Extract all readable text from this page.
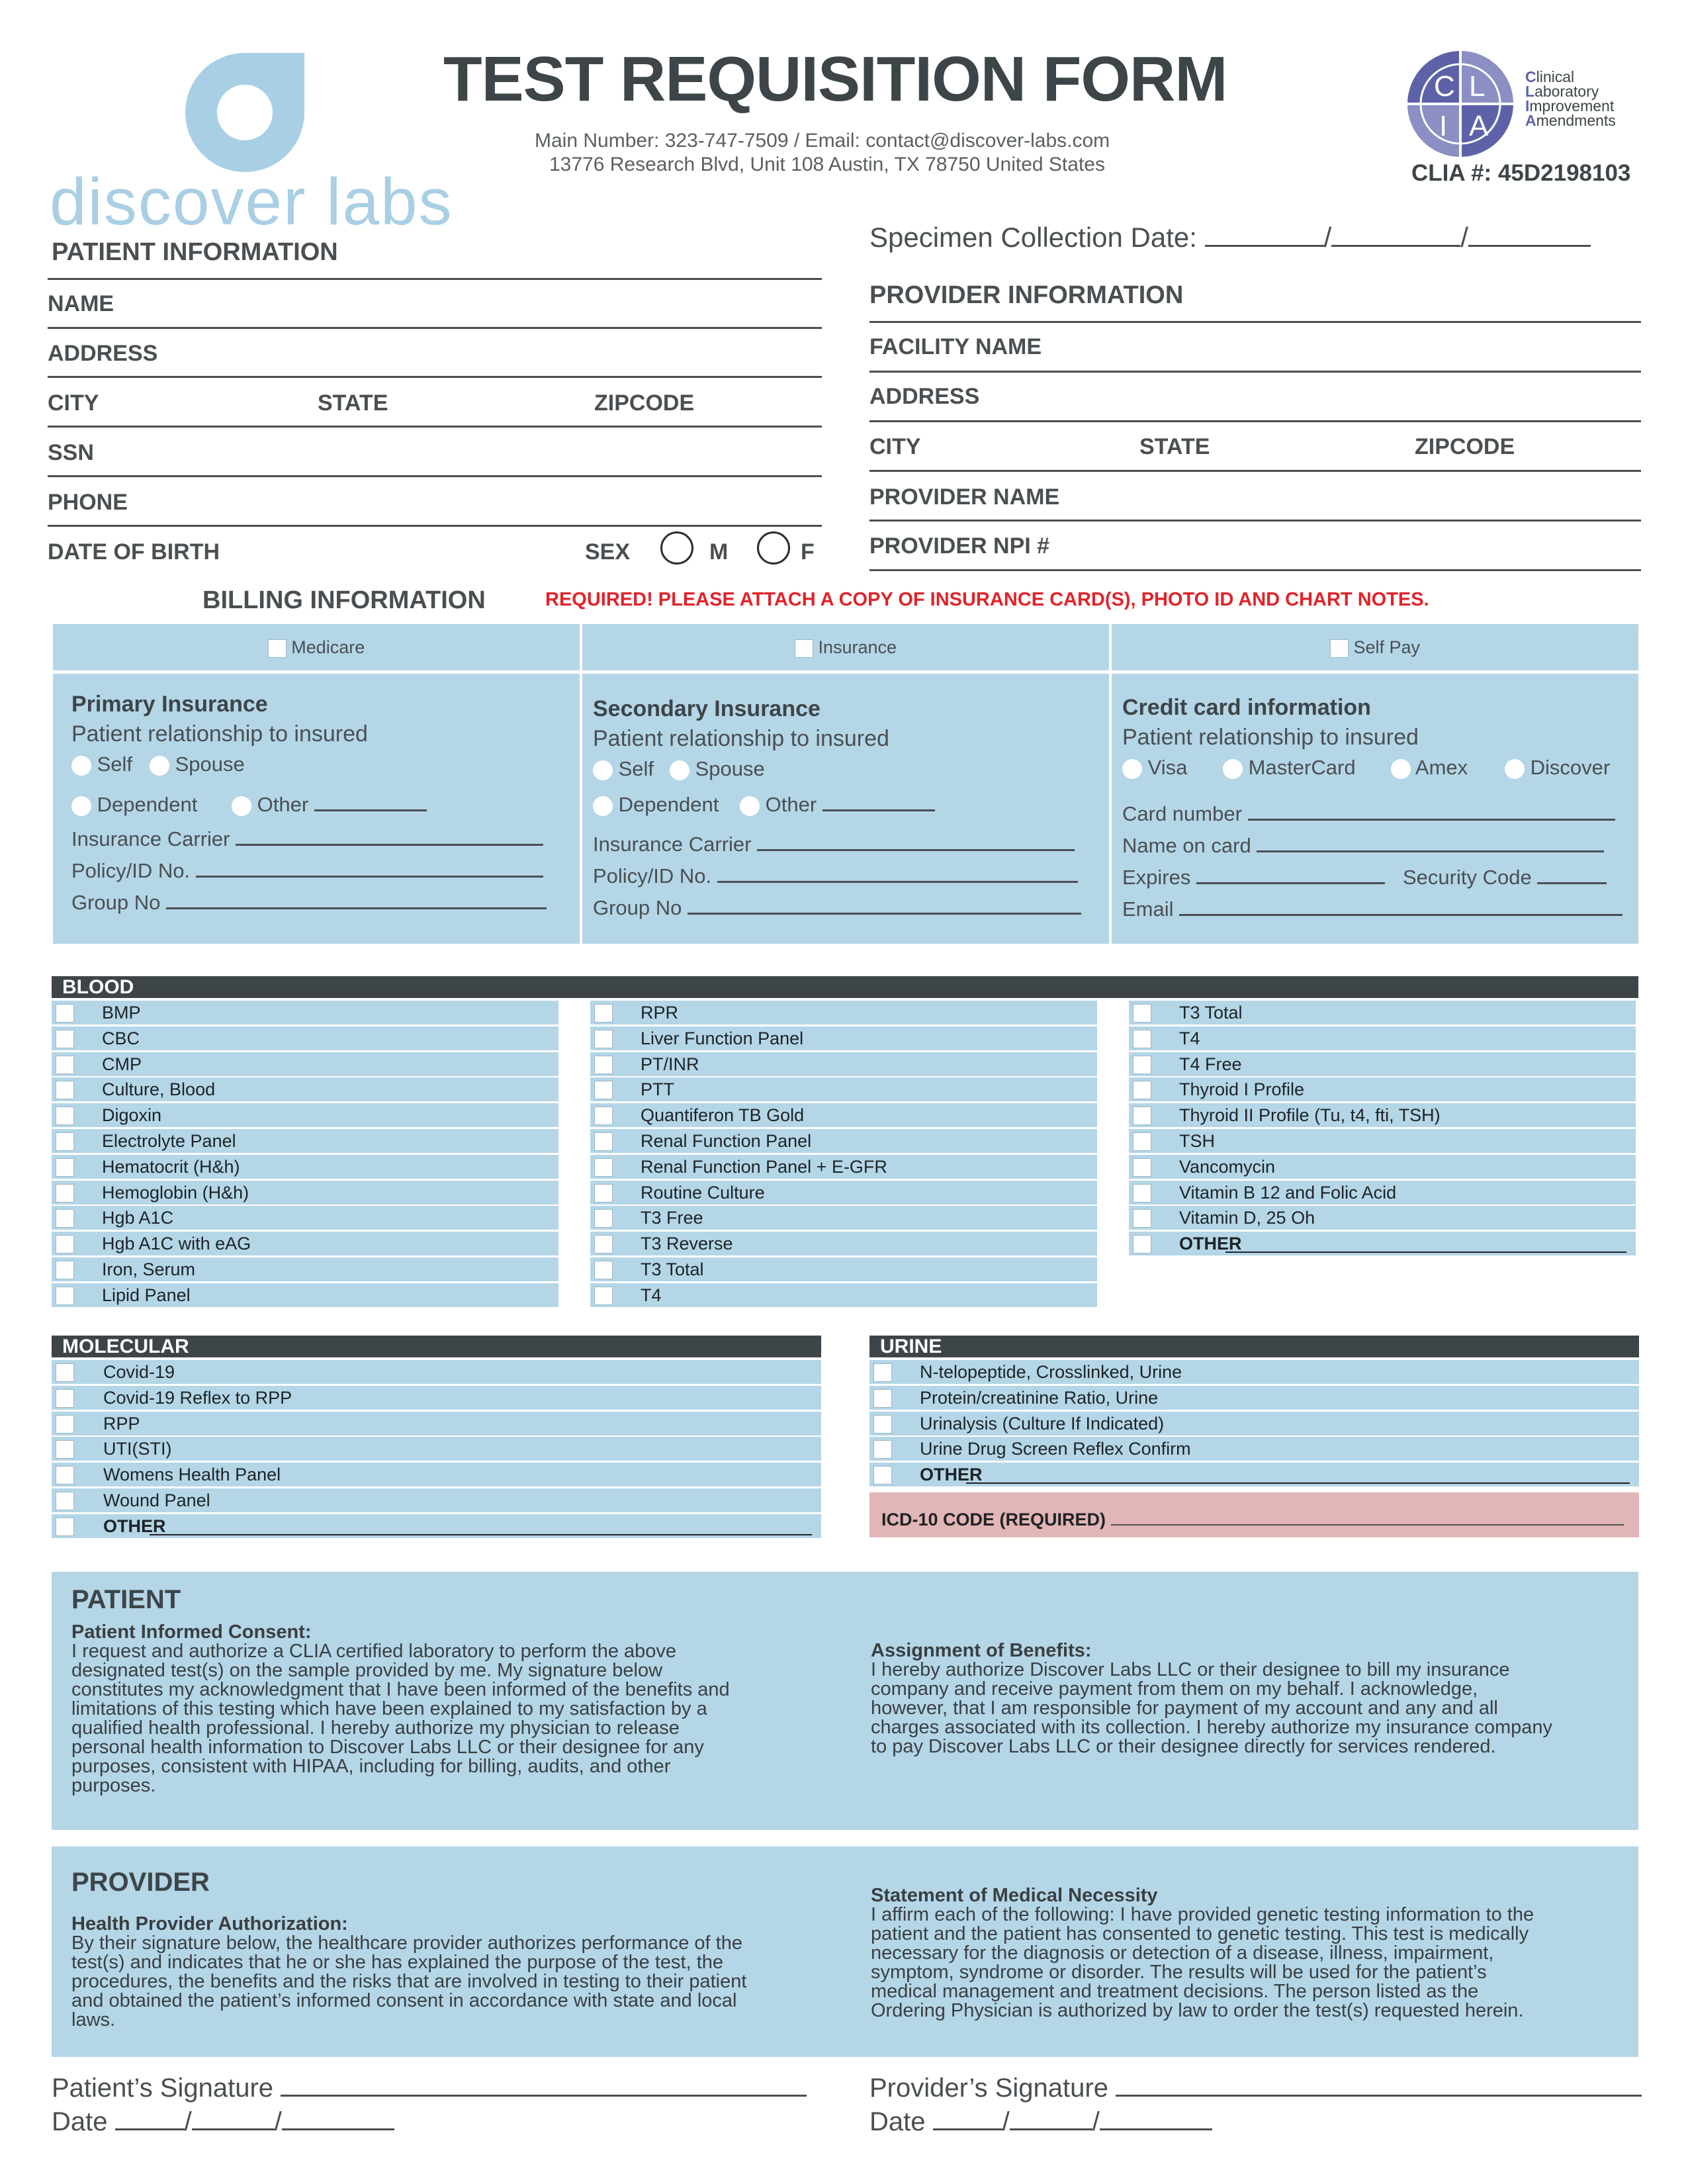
discover labs
TEST REQUISITION FORM
Main Number: 323-747-7509 / Email: contact@discover-labs.com
13776 Research Blvd, Unit 108 Austin, TX 78750 United States
C L
I A
Clinical
Laboratory
Improvement
Amendments
CLIA #: 45D2198103
PATIENT INFORMATION
NAME
ADDRESS
CITY	STATE	ZIPCODE
SSN
PHONE
DATE OF BIRTH	SEX	M	F
Specimen Collection Date:	/	/
PROVIDER INFORMATION
FACILITY NAME
ADDRESS
CITY	STATE	ZIPCODE
PROVIDER NAME
PROVIDER NPI #
BILLING INFORMATION	REQUIRED! PLEASE ATTACH A COPY OF INSURANCE CARD(S), PHOTO ID AND CHART NOTES.
Medicare	Insurance	Self Pay
Primary Insurance
Patient relationship to insured
Self	Spouse
Dependent	Other
Insurance Carrier
Policy/ID No.
Group No
Secondary Insurance
Patient relationship to insured
Self	Spouse
Dependent	Other
Insurance Carrier
Policy/ID No.
Group No
Credit card information
Patient relationship to insured
Visa	MasterCard	Amex	Discover
Card number
Name on card
Expires	Security Code
Email
BLOOD
BMP
CBC
CMP
Culture, Blood
Digoxin
Electrolyte Panel
Hematocrit (H&h)
Hemoglobin (H&h)
Hgb A1C
Hgb A1C with eAG
Iron, Serum
Lipid Panel
RPR
Liver Function Panel
PT/INR
PTT
Quantiferon TB Gold
Renal Function Panel
Renal Function Panel + E-GFR
Routine Culture
T3 Free
T3 Reverse
T3 Total
T4
T3 Total
T4
T4 Free
Thyroid I Profile
Thyroid II Profile (Tu, t4, fti, TSH)
TSH
Vancomycin
Vitamin B 12 and Folic Acid
Vitamin D, 25 Oh
OTHER
MOLECULAR
Covid-19
Covid-19 Reflex to RPP
RPP
UTI(STI)
Womens Health Panel
Wound Panel
OTHER
URINE
N-telopeptide, Crosslinked, Urine
Protein/creatinine Ratio, Urine
Urinalysis (Culture If Indicated)
Urine Drug Screen Reflex Confirm
OTHER
ICD-10 CODE (REQUIRED)
PATIENT
Patient Informed Consent:
I request and authorize a CLIA certified laboratory to perform the above
designated test(s) on the sample provided by me. My signature below
constitutes my acknowledgment that I have been informed of the benefits and
limitations of this testing which have been explained to my satisfaction by a
qualified health professional. I hereby authorize my physician to release
personal health information to Discover Labs LLC or their designee for any
purposes, consistent with HIPAA, including for billing, audits, and other
purposes.
Assignment of Benefits:
I hereby authorize Discover Labs LLC or their designee to bill my insurance
company and receive payment from them on my behalf. I acknowledge,
however, that I am responsible for payment of my account and any and all
charges associated with its collection. I hereby authorize my insurance company
to pay Discover Labs LLC or their designee directly for services rendered.
PROVIDER
Health Provider Authorization:
By their signature below, the healthcare provider authorizes performance of the
test(s) and indicates that he or she has explained the purpose of the test, the
procedures, the benefits and the risks that are involved in testing to their patient
and obtained the patient’s informed consent in accordance with state and local
laws.
Statement of Medical Necessity
I affirm each of the following: I have provided genetic testing information to the
patient and the patient has consented to genetic testing. This test is medically
necessary for the diagnosis or detection of a disease, illness, impairment,
symptom, syndrome or disorder. The results will be used for the patient’s
medical management and treatment decisions. The person listed as the
Ordering Physician is authorized by law to order the test(s) requested herein.
Patient’s Signature
Date	/	/
Provider’s Signature
Date	/	/
